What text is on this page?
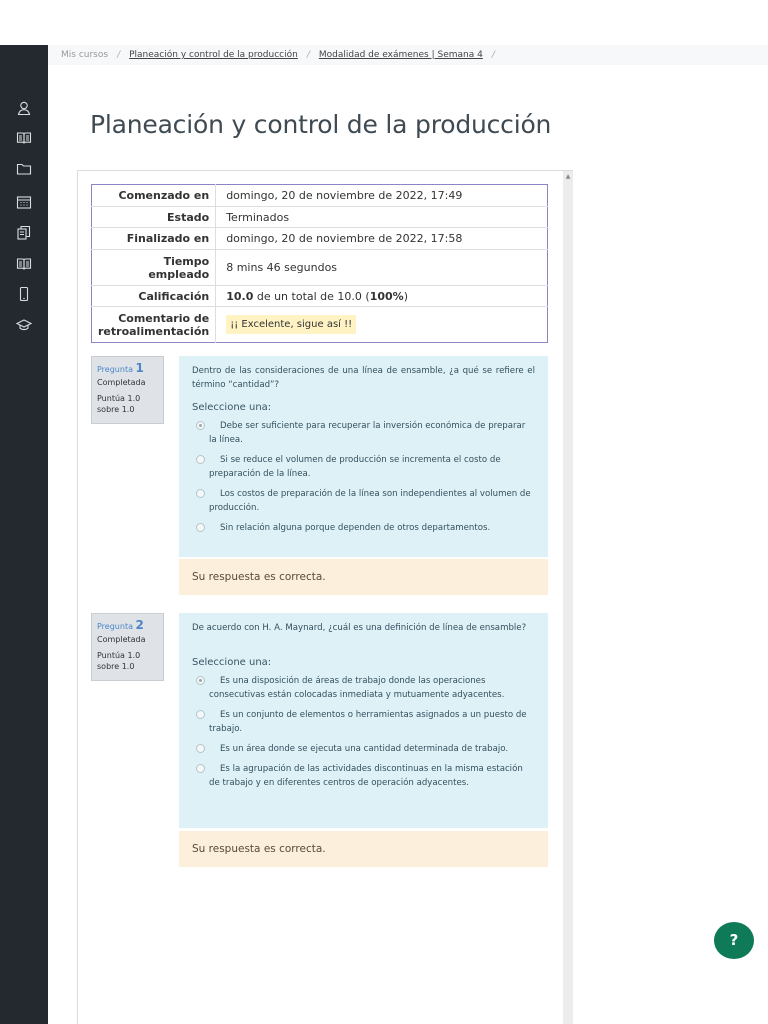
Mis cursos / Planeación y control de la producción / Modalidad de exámenes | Semana 4 /
Planeación y control de la producción
▲
Comenzado en	domingo, 20 de noviembre de 2022, 17:49
Estado	Terminados
Finalizado en	domingo, 20 de noviembre de 2022, 17:58
Tiempo
empleado	8 mins 46 segundos
Calificación	10.0 de un total de 10.0 (100%)
Comentario de
retroalimentación	¡¡ Excelente, sigue así !!
Pregunta 1
Completada
Puntúa 1.0
sobre 1.0
Dentro de las consideraciones de una línea de ensamble, ¿a qué se refiere el término “cantidad”?
Seleccione una:
Debe ser suficiente para recuperar la inversión económica de preparar la línea.
Si se reduce el volumen de producción se incrementa el costo de preparación de la línea.
Los costos de preparación de la línea son independientes al volumen de producción.
Sin relación alguna porque dependen de otros departamentos.
Su respuesta es correcta.
Pregunta 2
Completada
Puntúa 1.0
sobre 1.0
De acuerdo con H. A. Maynard, ¿cuál es una definición de línea de ensamble?
Seleccione una:
Es una disposición de áreas de trabajo donde las operaciones consecutivas están colocadas inmediata y mutuamente adyacentes.
Es un conjunto de elementos o herramientas asignados a un puesto de trabajo.
Es un área donde se ejecuta una cantidad determinada de trabajo.
Es la agrupación de las actividades discontinuas en la misma estación de trabajo y en diferentes centros de operación adyacentes.
Su respuesta es correcta.
?
